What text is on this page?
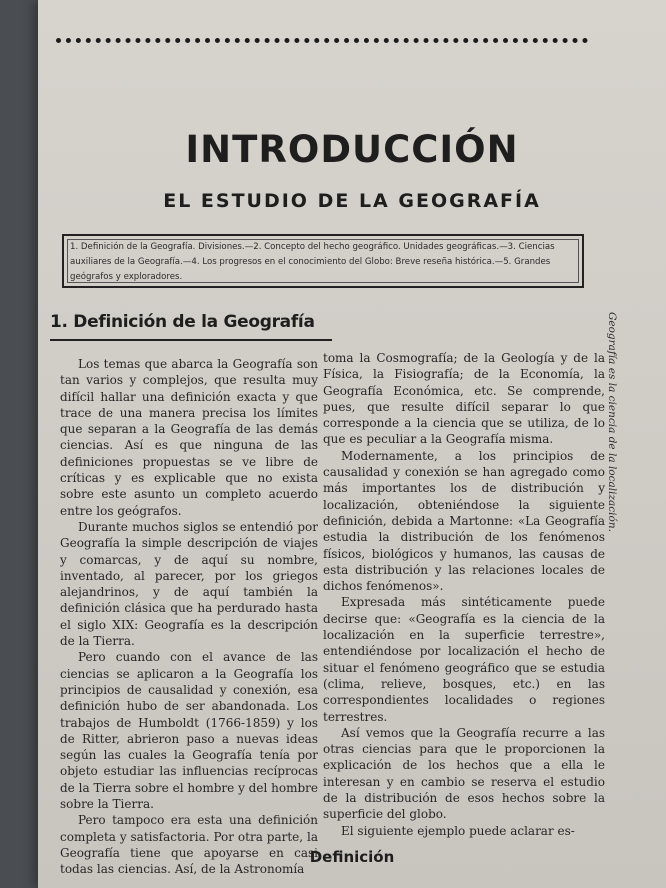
INTRODUCCIÓN
EL ESTUDIO DE LA GEOGRAFÍA
1. Definición de la Geografía. Divisiones.—2. Concepto del hecho geográfico. Unidades geográficas.—3. Ciencias auxiliares de la Geografía.—4. Los progresos en el conocimiento del Globo: Breve reseña histórica.—5. Grandes geógrafos y exploradores.
1. Definición de la Geografía	Geografía es la ciencia de la localización.

Los temas que abarca la Geografía son tan varios y complejos, que resulta muy difícil hallar una definición exacta y que trace de una manera precisa los límites que separan a la Geografía de las demás ciencias. Así es que ninguna de las definiciones propuestas se ve libre de críticas y es explicable que no exista sobre este asunto un completo acuerdo entre los geógrafos.

Durante muchos siglos se entendió por Geografía la simple descripción de viajes y comarcas, y de aquí su nombre, inventado, al parecer, por los griegos alejandrinos, y de aquí también la definición clásica que ha perdurado hasta el siglo XIX: Geografía es la descripción de la Tierra.

Pero cuando con el avance de las ciencias se aplicaron a la Geografía los principios de causalidad y conexión, esa definición hubo de ser abandonada. Los trabajos de Humboldt (1766-1859) y los de Ritter, abrieron paso a nuevas ideas según las cuales la Geografía tenía por objeto estudiar las influencias recíprocas de la Tierra sobre el hombre y del hombre sobre la Tierra.

Pero tampoco era esta una definición completa y satisfactoria. Por otra parte, la Geografía tiene que apoyarse en casi todas las ciencias. Así, de la Astronomía

toma la Cosmografía; de la Geología y de la Física, la Fisiografía; de la Economía, la Geografía Económica, etc. Se comprende, pues, que resulte difícil separar lo que corresponde a la ciencia que se utiliza, de lo que es peculiar a la Geografía misma.

Modernamente, a los principios de causalidad y conexión se han agregado como más importantes los de distribución y localización, obteniéndose la siguiente definición, debida a Martonne: «La Geografía estudia la distribución de los fenómenos físicos, biológicos y humanos, las causas de esta distribución y las relaciones locales de dichos fenómenos».

Expresada más sintéticamente puede decirse que: «Geografía es la ciencia de la localización en la superficie terrestre», entendiéndose por localización el hecho de situar el fenómeno geográfico que se estudia (clima, relieve, bosques, etc.) en las correspondientes localidades o regiones terrestres.

Así vemos que la Geografía recurre a las otras ciencias para que le proporcionen la explicación de los hechos que a ella le interesan y en cambio se reserva el estudio de la distribución de esos hechos sobre la superficie del globo.

El siguiente ejemplo puede aclarar es-

Definición
